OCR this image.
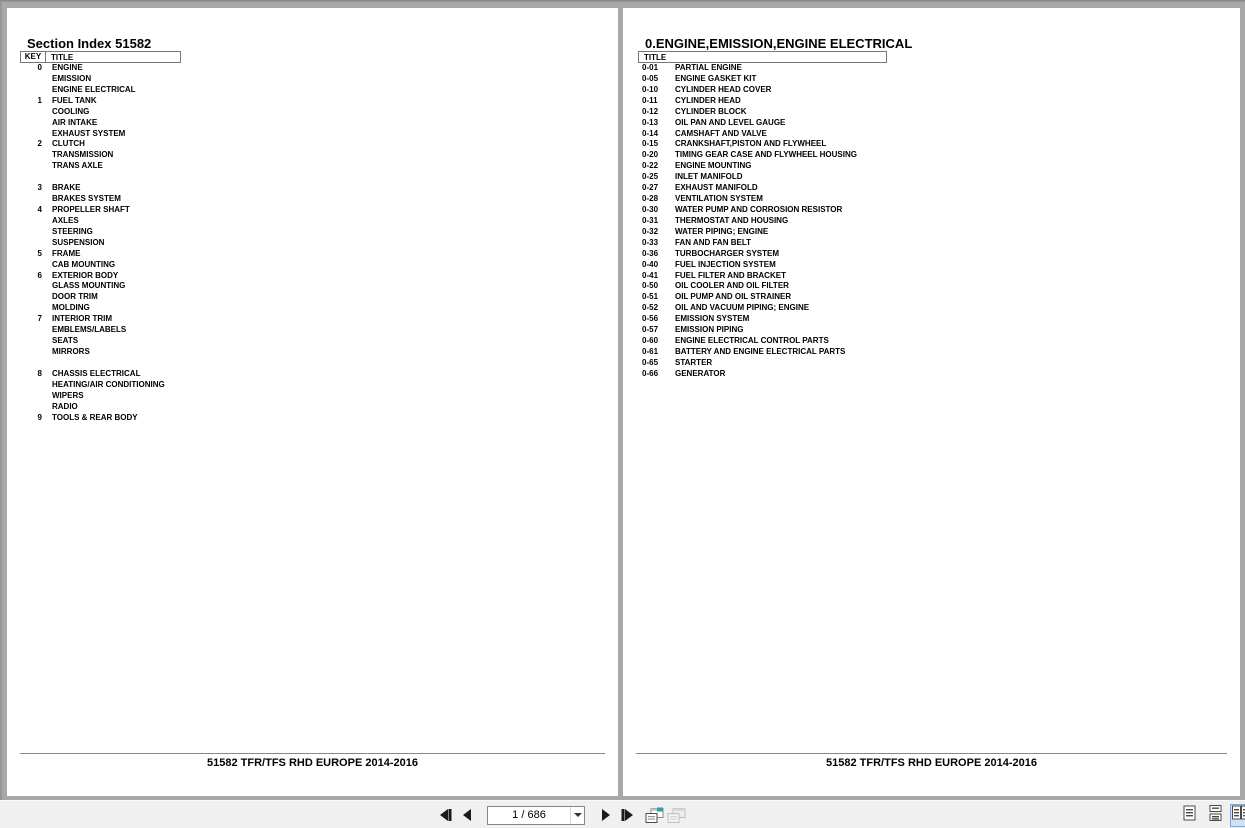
Section Index 51582
KEY	TITLE
0	ENGINE
EMISSION
ENGINE ELECTRICAL
1	FUEL TANK
COOLING
AIR INTAKE
EXHAUST SYSTEM
2	CLUTCH
TRANSMISSION
TRANS AXLE
3	BRAKE
BRAKES SYSTEM
4	PROPELLER SHAFT
AXLES
STEERING
SUSPENSION
5	FRAME
CAB MOUNTING
6	EXTERIOR BODY
GLASS MOUNTING
DOOR TRIM
MOLDING
7	INTERIOR TRIM
EMBLEMS/LABELS
SEATS
MIRRORS
8	CHASSIS ELECTRICAL
HEATING/AIR CONDITIONING
WIPERS
RADIO
9	TOOLS & REAR BODY
51582 TFR/TFS RHD EUROPE 2014-2016
0.ENGINE,EMISSION,ENGINE ELECTRICAL
TITLE
0-01	PARTIAL ENGINE
0-05	ENGINE GASKET KIT
0-10	CYLINDER HEAD COVER
0-11	CYLINDER HEAD
0-12	CYLINDER BLOCK
0-13	OIL PAN AND LEVEL GAUGE
0-14	CAMSHAFT AND VALVE
0-15	CRANKSHAFT,PISTON AND FLYWHEEL
0-20	TIMING GEAR CASE AND FLYWHEEL HOUSING
0-22	ENGINE MOUNTING
0-25	INLET MANIFOLD
0-27	EXHAUST MANIFOLD
0-28	VENTILATION SYSTEM
0-30	WATER PUMP AND CORROSION RESISTOR
0-31	THERMOSTAT AND HOUSING
0-32	WATER PIPING; ENGINE
0-33	FAN AND FAN BELT
0-36	TURBOCHARGER SYSTEM
0-40	FUEL INJECTION SYSTEM
0-41	FUEL FILTER AND BRACKET
0-50	OIL COOLER AND OIL FILTER
0-51	OIL PUMP AND OIL STRAINER
0-52	OIL AND VACUUM PIPING; ENGINE
0-56	EMISSION SYSTEM
0-57	EMISSION PIPING
0-60	ENGINE ELECTRICAL CONTROL PARTS
0-61	BATTERY AND ENGINE ELECTRICAL PARTS
0-65	STARTER
0-66	GENERATOR
51582 TFR/TFS RHD EUROPE 2014-2016
1 / 686
